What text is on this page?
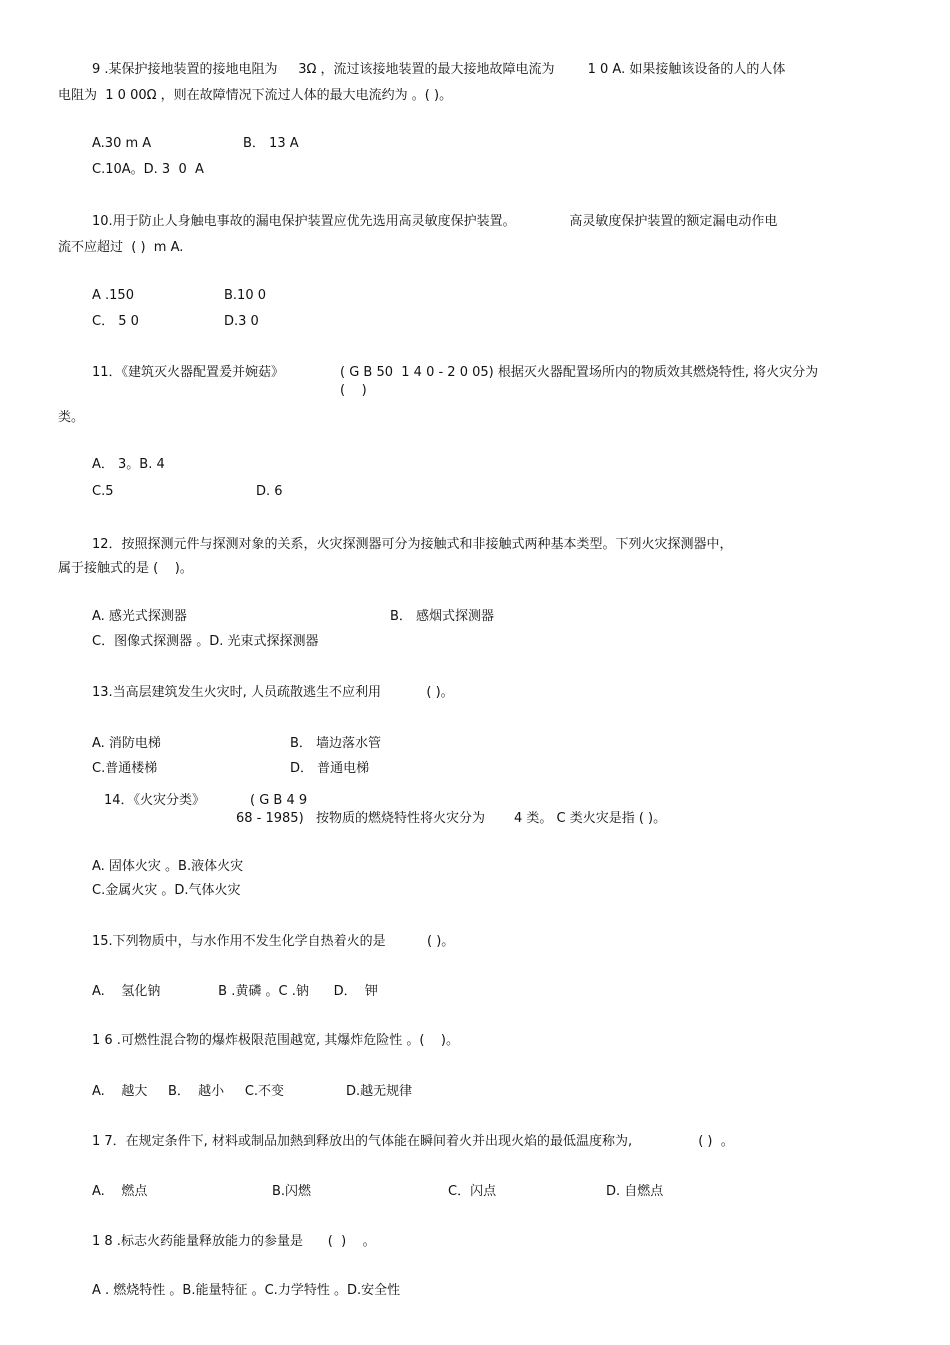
9 .某保护接地装置的接地电阻为     3Ω ，流过该接地装置的最大接地故障电流为        1 0 A. 如果接触该设备的人的人体
电阻为  1 0 00Ω ，则在故障情况下流过人体的最大电流约为 。( )。
A.30 m A	B． 13 A
C.10A。D. 3  0  A
10.用于防止人身触电事故的漏电保护装置应优先选用高灵敏度保护装置。             高灵敏度保护装置的额定漏电动作电
流不应超过  ( )  m A.
A .150	B.10 0
C． 5 0	D.3 0
11．《建筑灭火器配置爰并婉菇》	( G B 50  1 4 0 - 2 0 05) 根据灭火器配置场所内的物质效其燃烧特性, 将火灾分为
(    )
类。
A． 3。B. 4
C.5	D. 6
12．按照探测元件与探测对象的关系，火灾探测器可分为接触式和非接触式两种基本类型。下列火灾探测器中，
属于接触式的是 (    )。
A. 感光式探测器	B． 感烟式探测器
C．图像式探测器 。D. 光束式探探测器
13.当高层建筑发生火灾时, 人员疏散逃生不应利用           ( )。
A. 消防电梯	B． 墙边落水管
C.普通楼梯	D． 普通电梯
14．《火灾分类》	( G B 4 9
68 - 1985)   按物质的燃烧特性将火灾分为       4 类。 C 类火灾是指 ( )。
A. 固体火灾 。B.液体火灾
C.金属火灾 。D.气体火灾
15.下列物质中，与水作用不发生化学自热着火的是          ( )。
A.    氢化钠              B .黄磷 。C .钠      D．  钾
1 6 .可燃性混合物的爆炸极限范围越宽, 其爆炸危险性 。(    )。
A.    越大     B．  越小     C.不变               D.越无规律
1 7．在规定条件下, 材料或制品加熱到释放出的气体能在瞬间着火并出现火焰的最低温度称为,                ( )  。
A.    燃点	B.闪燃	C．闪点	D. 自燃点
1 8 .标志火药能量释放能力的参量是      (  )    。
A . 燃烧特性 。B.能量特征 。C.力学特性 。D.安全性
